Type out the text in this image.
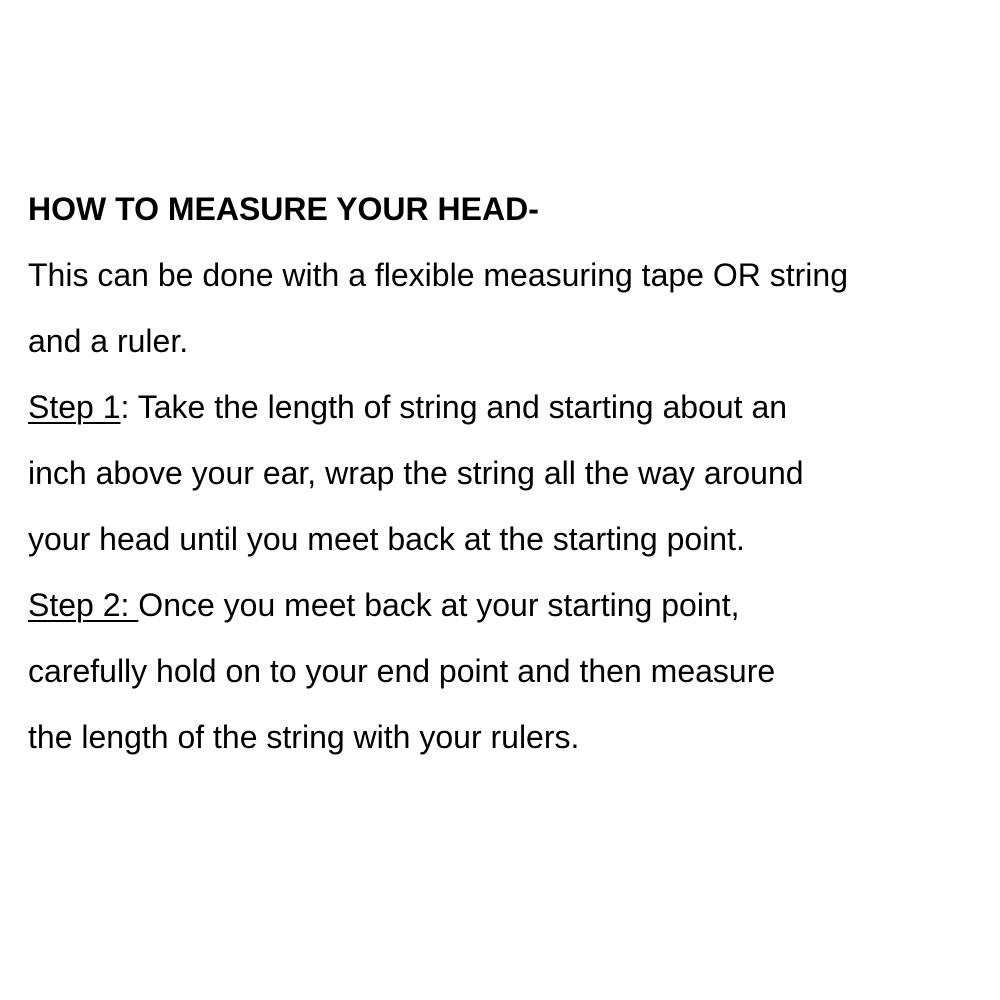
HOW TO MEASURE YOUR HEAD-
This can be done with a flexible measuring tape OR string
and a ruler.
Step 1: Take the length of string and starting about an
inch above your ear, wrap the string all the way around
your head until you meet back at the starting point.
Step 2: Once you meet back at your starting point,
carefully hold on to your end point and then measure
the length of the string with your rulers.
